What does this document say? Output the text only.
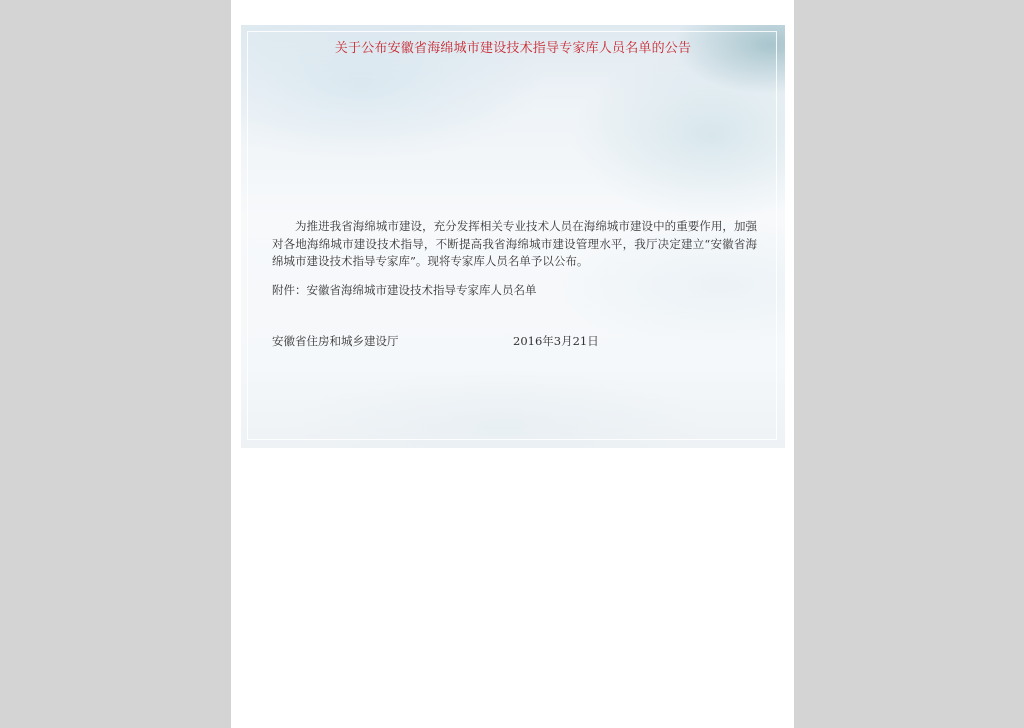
关于公布安徽省海绵城市建设技术指导专家库人员名单的公告
为推进我省海绵城市建设，充分发挥相关专业技术人员在海绵城市建设中的重要作用，加强对各地海绵城市建设技术指导，不断提高我省海绵城市建设管理水平，我厅决定建立“安徽省海绵城市建设技术指导专家库”。现将专家库人员名单予以公布。
附件：安徽省海绵城市建设技术指导专家库人员名单
安徽省住房和城乡建设厅	2016年3月21日
